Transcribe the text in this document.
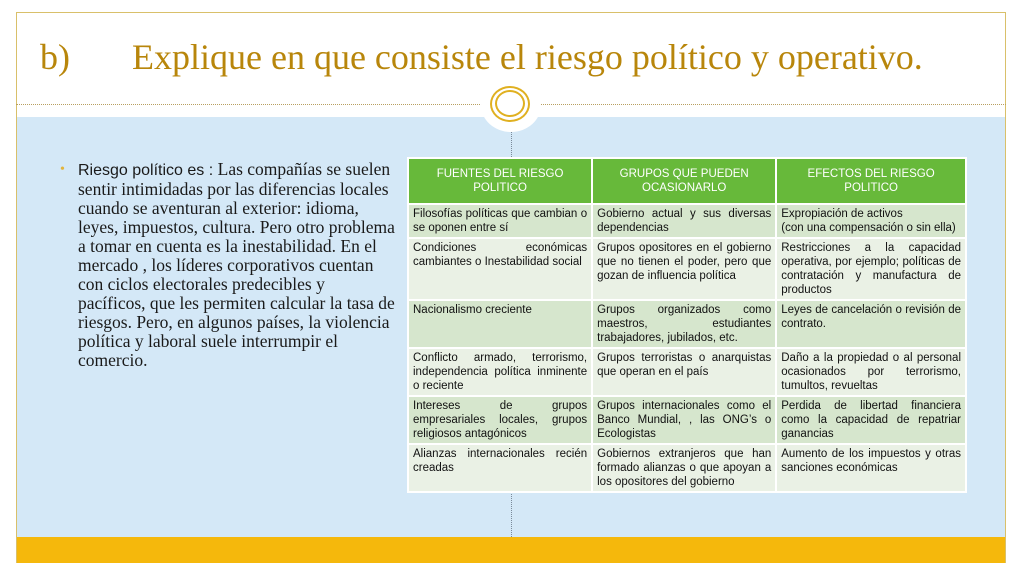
b) Explique en que consiste el riesgo político y operativo.
• Riesgo político es : Las compañías se suelen sentir intimidadas por las diferencias locales cuando se aventuran al exterior: idioma, leyes, impuestos, cultura. Pero otro problema a tomar en cuenta es la inestabilidad. En el mercado , los líderes corporativos cuentan con ciclos electorales predecibles y pacíficos, que les permiten calcular la tasa de riesgos. Pero, en algunos países, la violencia política y laboral suele interrumpir el comercio.
FUENTES DEL RIESGO POLITICO	GRUPOS QUE PUEDEN OCASIONARLO	EFECTOS DEL RIESGO POLITICO
Filosofías políticas que cambian o se oponen entre sí	Gobierno actual y sus diversas dependencias	Expropiación de activos
(con una compensación o sin ella)
Condiciones económicas cambiantes o Inestabilidad social	Grupos opositores en el gobierno que no tienen el poder, pero que gozan de influencia política	Restricciones a la capacidad operativa, por ejemplo; políticas de contratación y manufactura de productos
Nacionalismo creciente	Grupos organizados como maestros, estudiantes trabajadores, jubilados, etc.	Leyes de cancelación o revisión de contrato.
Conflicto armado, terrorismo, independencia política inminente o reciente	Grupos terroristas o anarquistas que operan en el país	Daño a la propiedad o al personal ocasionados por terrorismo, tumultos, revueltas
Intereses de grupos empresariales locales, grupos religiosos antagónicos	Grupos internacionales como el Banco Mundial, , las ONG’s o Ecologistas	Perdida de libertad financiera como la capacidad de repatriar ganancias
Alianzas internacionales recién creadas	Gobiernos extranjeros que han formado alianzas o que apoyan a los opositores del gobierno	Aumento de los impuestos y otras sanciones económicas
